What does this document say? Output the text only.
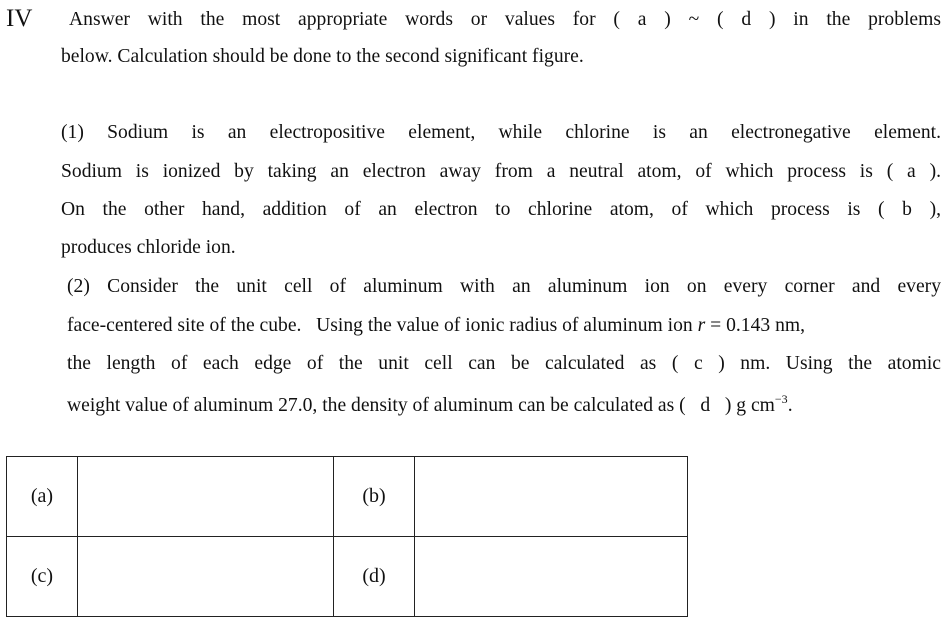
IV Answer with the most appropriate words or values for ( a ) ~ ( d ) in the problems
below. Calculation should be done to the second significant figure.
(1) Sodium is an electropositive element, while chlorine is an electronegative element.
Sodium is ionized by taking an electron away from a neutral atom, of which process is ( a ).
On the other hand, addition of an electron to chlorine atom, of which process is ( b ),
produces chloride ion.
(2) Consider the unit cell of aluminum with an aluminum ion on every corner and every
face-centered site of the cube.   Using the value of ionic radius of aluminum ion r = 0.143 nm,
the length of each edge of the unit cell can be calculated as ( c ) nm. Using the atomic
weight value of aluminum 27.0, the density of aluminum can be calculated as (   d   ) g $cm^{-3}$.
(a)		(b)	
(c)		(d)	
